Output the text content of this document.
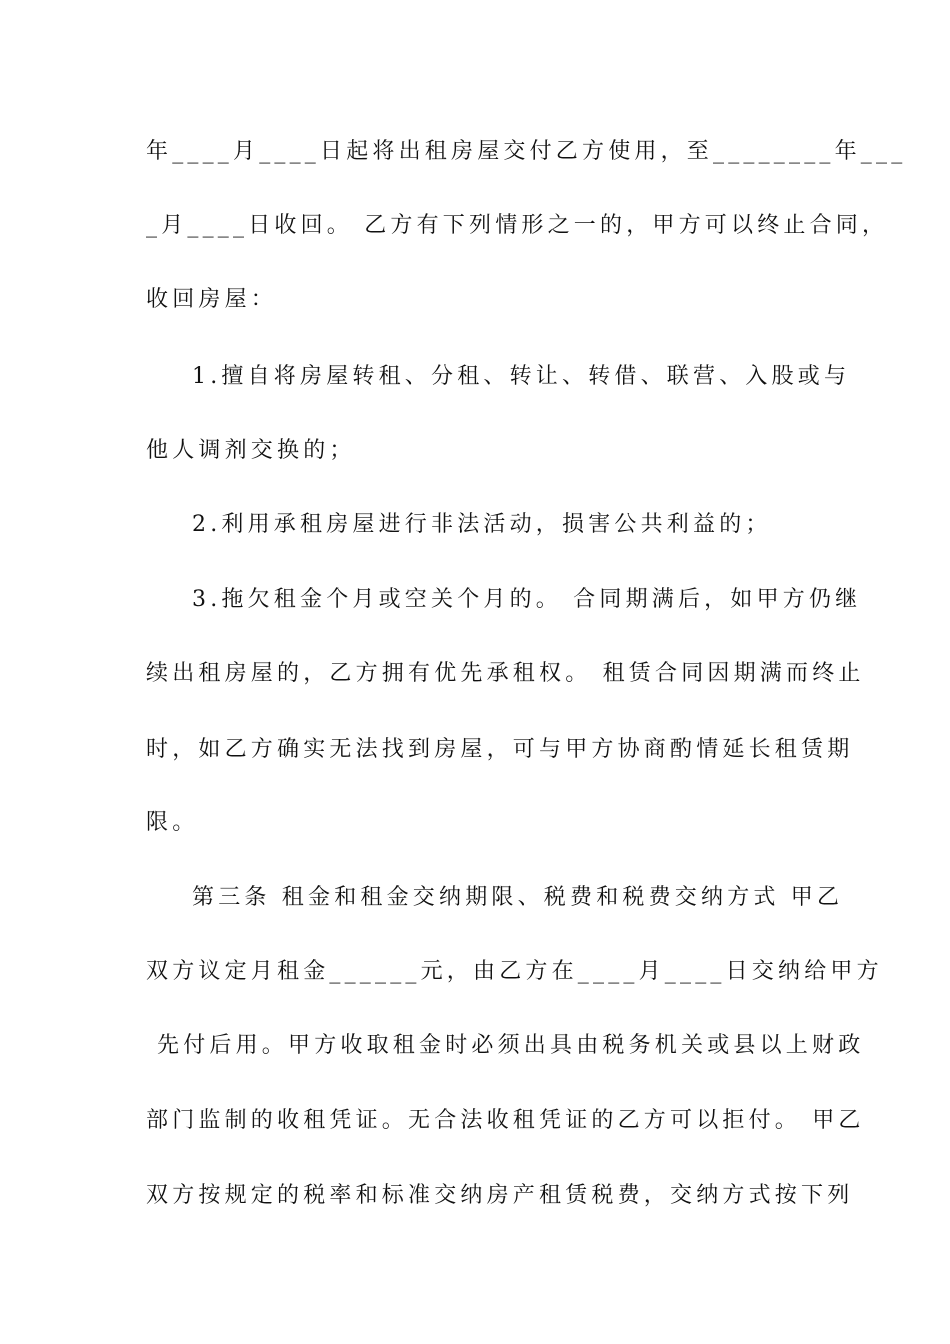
年____月____日起将出租房屋交付乙方使用，至________年___
_月____日收回。 乙方有下列情形之一的，甲方可以终止合同，
收回房屋：
1.擅自将房屋转租、分租、转让、转借、联营、入股或与
他人调剂交换的；
2.利用承租房屋进行非法活动，损害公共利益的；
3.拖欠租金个月或空关个月的。 合同期满后，如甲方仍继
续出租房屋的，乙方拥有优先承租权。 租赁合同因期满而终止
时，如乙方确实无法找到房屋，可与甲方协商酌情延长租赁期
限。
第三条 租金和租金交纳期限、税费和税费交纳方式 甲乙
双方议定月租金______元，由乙方在____月____日交纳给甲方
先付后用。甲方收取租金时必须出具由税务机关或县以上财政
部门监制的收租凭证。无合法收租凭证的乙方可以拒付。 甲乙
双方按规定的税率和标准交纳房产租赁税费，交纳方式按下列
